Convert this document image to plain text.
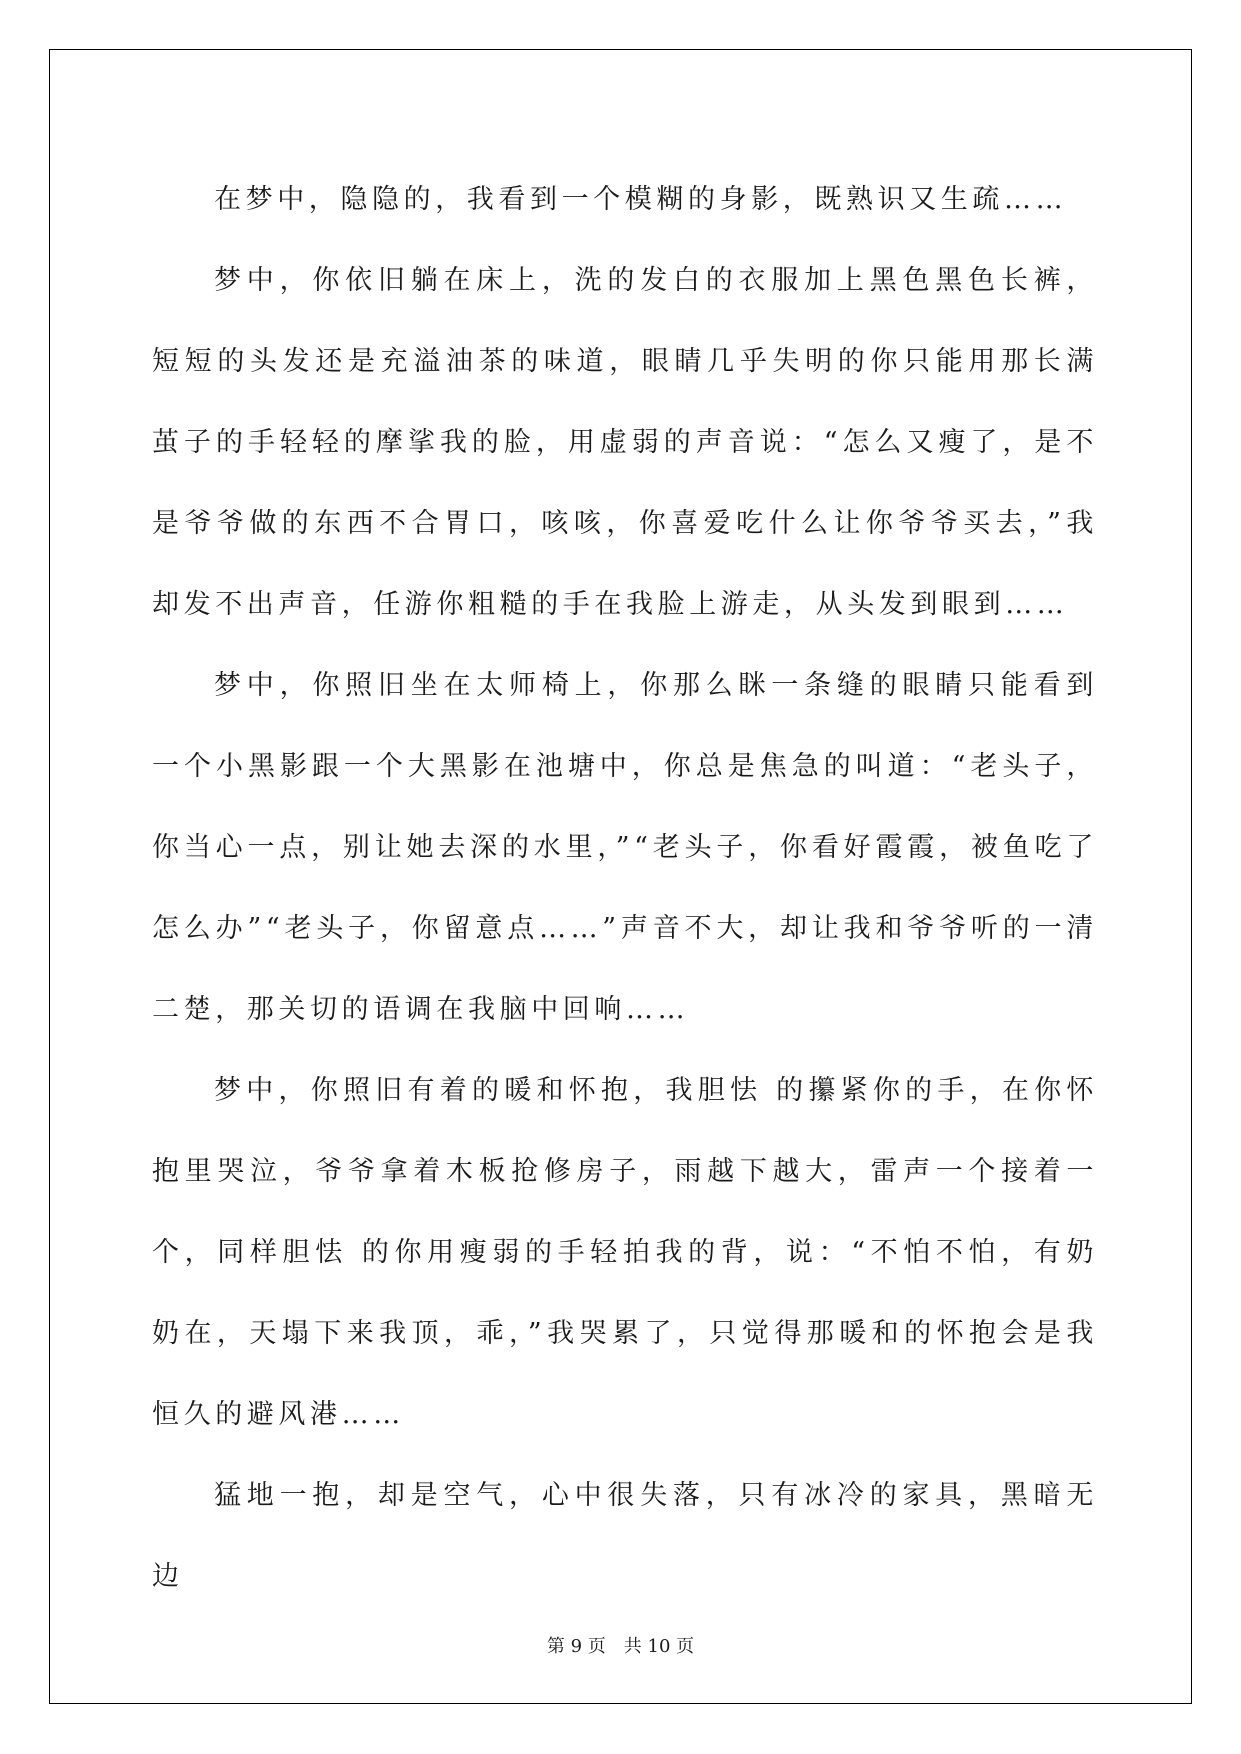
在梦中，隐隐的，我看到一个模糊的身影，既熟识又生疏……

梦中，你依旧躺在床上，洗的发白的衣服加上黑色黑色长裤，短短的头发还是充溢油茶的味道，眼睛几乎失明的你只能用那长满茧子的手轻轻的摩挲我的脸，用虚弱的声音说：“怎么又瘦了，是不是爷爷做的东西不合胃口，咳咳，你喜爱吃什么让你爷爷买去，”我却发不出声音，任游你粗糙的手在我脸上游走，从头发到眼到……

梦中，你照旧坐在太师椅上，你那么眯一条缝的眼睛只能看到一个小黑影跟一个大黑影在池塘中，你总是焦急的叫道：“老头子，你当心一点，别让她去深的水里，”“老头子，你看好霞霞，被鱼吃了怎么办”“老头子，你留意点……”声音不大，却让我和爷爷听的一清二楚，那关切的语调在我脑中回响……

梦中，你照旧有着的暖和怀抱，我胆怯 的攥紧你的手，在你怀抱里哭泣，爷爷拿着木板抢修房子，雨越下越大，雷声一个接着一个，同样胆怯 的你用瘦弱的手轻拍我的背，说：“不怕不怕，有奶奶在，天塌下来我顶，乖，”我哭累了，只觉得那暖和的怀抱会是我恒久的避风港……

猛地一抱，却是空气，心中很失落，只有冰冷的家具，黑暗无边

第 9 页　共 10 页
